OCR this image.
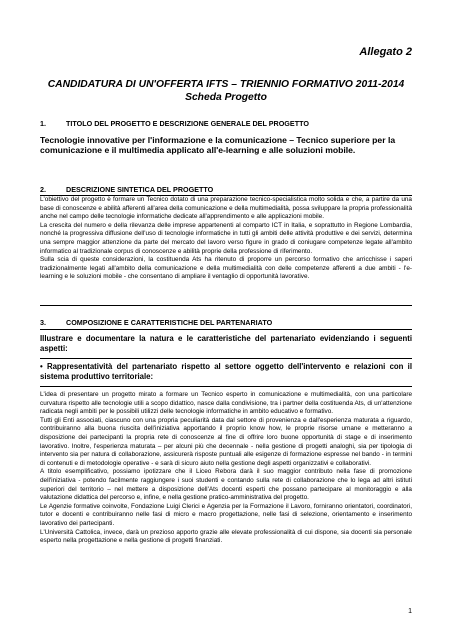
Allegato 2
CANDIDATURA DI UN'OFFERTA IFTS – TRIENNIO FORMATIVO 2011-2014
Scheda Progetto
1.	TITOLO DEL PROGETTO E DESCRIZIONE GENERALE DEL PROGETTO
Tecnologie innovative per l'informazione e la comunicazione – Tecnico superiore per la comunicazione e il multimedia applicato all'e-learning e alle soluzioni mobile.
2.	DESCRIZIONE SINTETICA DEL PROGETTO

L'obiettivo del progetto è formare un Tecnico dotato di una preparazione tecnico-specialistica molto solida e che, a partire da una base di conoscenze e abilità afferenti all'area della comunicazione e della multimedialità, possa sviluppare la propria professionalità anche nel campo delle tecnologie informatiche dedicate all'apprendimento e alle applicazioni mobile.

La crescita del numero e della rilevanza delle imprese appartenenti al comparto ICT in Italia, e soprattutto in Regione Lombardia, nonché la progressiva diffusione dell'uso di tecnologie informatiche in tutti gli ambiti delle attività produttive e dei servizi, determina una sempre maggior attenzione da parte del mercato del lavoro verso figure in grado di coniugare competenze legate all'ambito informatico al tradizionale corpus di conoscenze e abilità proprie della professione di riferimento.

Sulla scia di queste considerazioni, la costituenda Ats ha ritenuto di proporre un percorso formativo che arricchisse i saperi tradizionalmente legati all'ambito della comunicazione e della multimedialità con delle competenze afferenti a due ambiti - l'e-learning e le soluzioni mobile - che consentano di ampliare il ventaglio di opportunità lavorative.

3.	COMPOSIZIONE E CARATTERISTICHE DEL PARTENARIATO
Illustrare e documentare la natura e le caratteristiche del partenariato evidenziando i seguenti aspetti:
• Rappresentatività del partenariato rispetto al settore oggetto dell'intervento e relazioni con il sistema produttivo territoriale:

L'idea di presentare un progetto mirato a formare un Tecnico esperto in comunicazione e multimedialità, con una particolare curvatura rispetto alle tecnologie utili a scopo didattico, nasce dalla condivisione, tra i partner della costituenda Ats, di un'attenzione radicata negli ambiti per le possibili utilizzi delle tecnologie informatiche in ambito educativo e formativo.

Tutti gli Enti associati, ciascuno con una propria peculiarità data dal settore di provenienza e dall'esperienza maturata a riguardo, contribuiranno alla buona riuscita dell'iniziativa apportando il proprio know how, le proprie risorse umane e metteranno a disposizione dei partecipanti la propria rete di conoscenze al fine di offrire loro buone opportunità di stage e di inserimento lavorativo. Inoltre, l'esperienza maturata – per alcuni più che decennale - nella gestione di progetti analoghi, sia per tipologia di intervento sia per natura di collaborazione, assicurerà risposte puntuali alle esigenze di formazione espresse nel bando - in termini di contenuti e di metodologie operative - e sarà di sicuro aiuto nella gestione degli aspetti organizzativi e collaborativi.

A titolo esemplificativo, possiamo ipotizzare che il Liceo Rebora darà il suo maggior contributo nella fase di promozione dell'iniziativa - potendo facilmente raggiungere i suoi studenti e contando sulla rete di collaborazione che lo lega ad altri istituti superiori del territorio – nel mettere a disposizione dell'Ats docenti esperti che possano partecipare al monitoraggio e alla valutazione didattica del percorso e, infine, e nella gestione pratico-amministrativa del progetto.

Le Agenzie formative coinvolte, Fondazione Luigi Clerici e Agenzia per la Formazione il Lavoro, forniranno orientatori, coordinatori, tutor e docenti e contribuiranno nelle fasi di micro e macro progettazione, nelle fasi di selezione, orientamento e inserimento lavorativo dei partecipanti.

L'Università Cattolica, invece, darà un prezioso apporto grazie alle elevate professionalità di cui dispone, sia docenti sia personale esperto nella progettazione e nella gestione di progetti finanziati.

1
